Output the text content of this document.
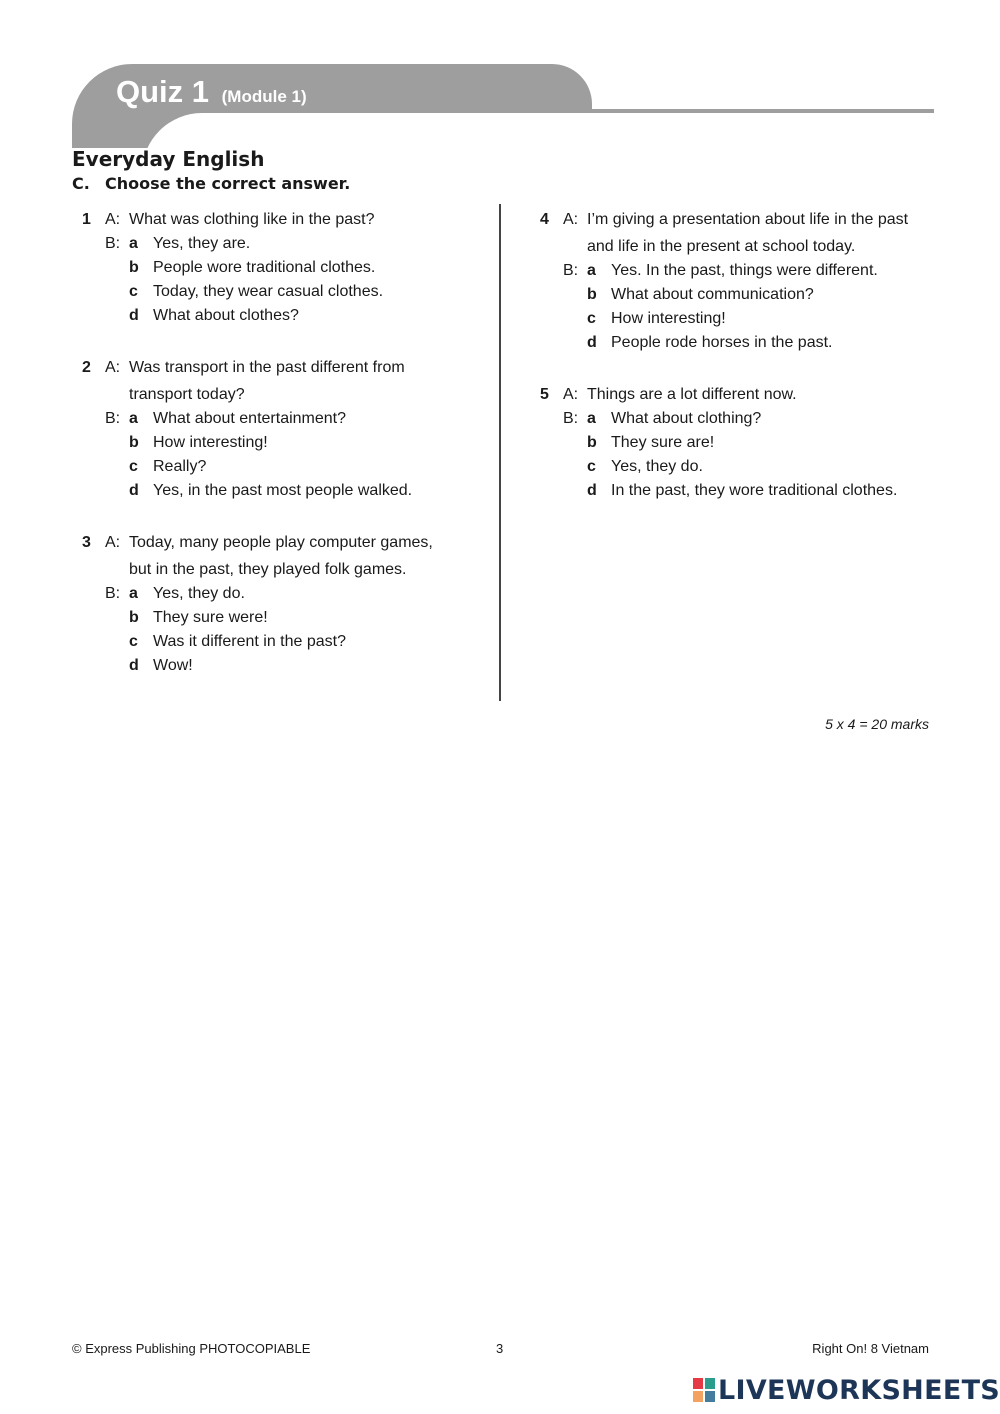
Quiz 1 (Module 1)
Everyday English
C. Choose the correct answer.
1 A: What was clothing like in the past?
B: a Yes, they are.
b People wore traditional clothes.
c Today, they wear casual clothes.
d What about clothes?
2 A: Was transport in the past different from
transport today?
B: a What about entertainment?
b How interesting!
c Really?
d Yes, in the past most people walked.
3 A: Today, many people play computer games,
but in the past, they played folk games.
B: a Yes, they do.
b They sure were!
c Was it different in the past?
d Wow!
4 A: I’m giving a presentation about life in the past
and life in the present at school today.
B: a Yes. In the past, things were different.
b What about communication?
c How interesting!
d People rode horses in the past.
5 A: Things are a lot different now.
B: a What about clothing?
b They sure are!
c Yes, they do.
d In the past, they wore traditional clothes.
5 x 4 = 20 marks
© Express Publishing PHOTOCOPIABLE	3	Right On! 8 Vietnam
LIVEWORKSHEETS
